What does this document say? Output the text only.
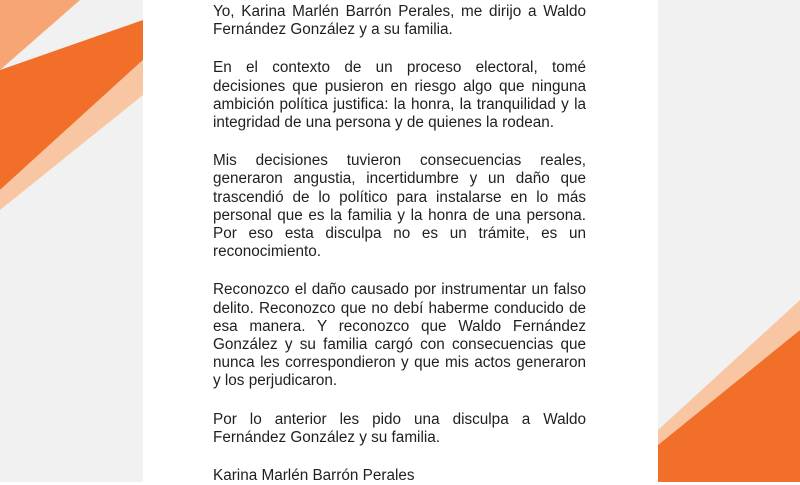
Yo, Karina Marlén Barrón Perales, me dirijo a Waldo Fernández González y a su familia.

En el contexto de un proceso electoral, tomé decisiones que pusieron en riesgo algo que ninguna ambición política justifica: la honra, la tranquilidad y la integridad de una persona y de quienes la rodean.

Mis decisiones tuvieron consecuencias reales, generaron angustia, incertidumbre y un daño que trascendió de lo político para instalarse en lo más personal que es la familia y la honra de una persona. Por eso esta disculpa no es un trámite, es un reconocimiento.

Reconozco el daño causado por instrumentar un falso delito. Reconozco que no debí haberme conducido de esa manera. Y reconozco que Waldo Fernández González y su familia cargó con consecuencias que nunca les correspondieron y que mis actos generaron y los perjudicaron.

Por lo anterior les pido una disculpa a Waldo Fernández González y su familia.

Karina Marlén Barrón Perales
